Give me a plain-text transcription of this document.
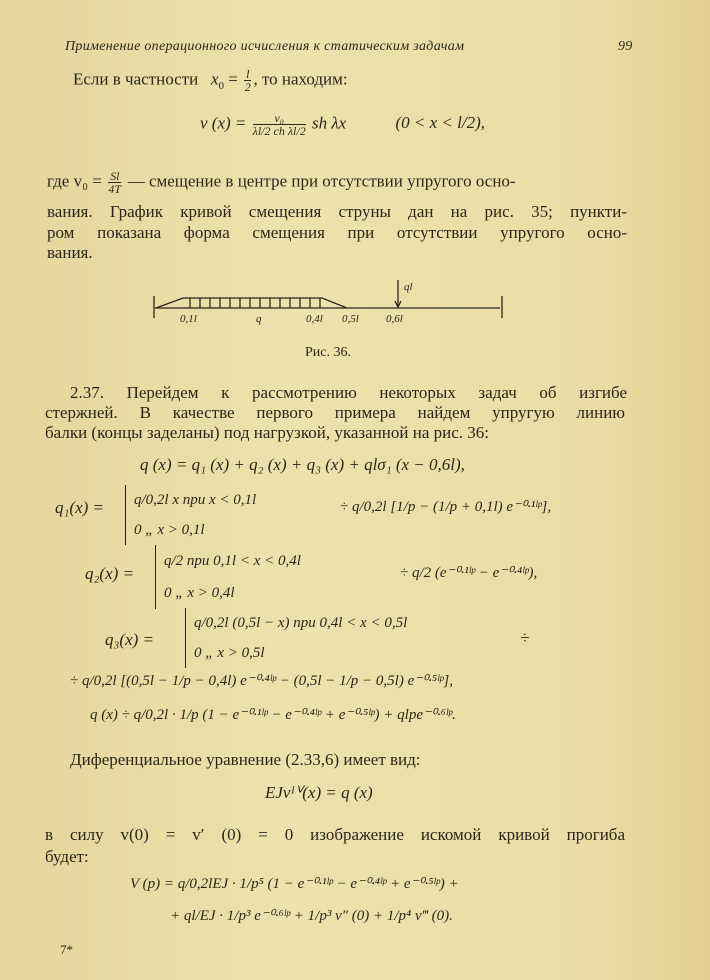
Применение операционного исчисления к статическим задачам	99
Если в частности $x_0 = \frac{l}{2}$ , то находим:
v $(x) = \frac{\text{v₀}}{\text{λl/2 ch λl/2}}$ sh λx	(0 < x < l/2),
где $v_0 = \frac{Sl}{4T}$ — смещение в центре при отсутствии упругого осно-
вания. График кривой смещения струны дан на рис. 35; пункти-
ром показана форма смещения при отсутствии упругого осно-
вания.
ql
0,1l	q	0,4l 0,5l 0,6l
Рис. 36.
2.37. Перейдем к рассмотрению некоторых задач об изгибе
стержней. В качестве первого примера найдем упругую линию
балки (концы заделаны) под нагрузкой, указанной на рис. 36:
q (x) = q₁ (x) + q₂ (x) + q₃ (x) + qlσ₁ (x − 0,6l),
q₁(x) = q/0,2l x при x < 0,1l
0 „ x > 0,1l
÷ q/0,2l [1/p − (1/p + 0,1l) e⁻⁰·¹ˡᵖ],
q₂(x) =
q/2 при 0,1l < x < 0,4l
0 „ x > 0,4l
÷ q/2 (e⁻⁰·¹ˡᵖ − e⁻⁰·⁴ˡᵖ),
q₃(x) =
q/0,2l (0,5l − x) при 0,4l < x < 0,5l
0 „ x > 0,5l
÷
÷ q/0,2l [(0,5l − 1/p − 0,4l) e⁻⁰·⁴ˡᵖ − (0,5l − 1/p − 0,5l) e⁻⁰·⁵ˡᵖ],
q (x) ÷ q/0,2l · 1/p (1 − e⁻⁰·¹ˡᵖ − e⁻⁰·⁴ˡᵖ + e⁻⁰·⁵ˡᵖ) + qlpe⁻⁰·⁶ˡᵖ.
Диференциальное уравнение (2.33,6) имеет вид:
EJvᴵⱽ(x) = q (x)
в силу v(0) = v′ (0) = 0 изображение искомой кривой прогиба
будет:
V (p) = q/0,2lEJ · 1/p⁵ (1 − e⁻⁰·¹ˡᵖ − e⁻⁰·⁴ˡᵖ + e⁻⁰·⁵ˡᵖ) +
+ ql/EJ · 1/p³ e⁻⁰·⁶ˡᵖ + 1/p³ v″ (0) + 1/p⁴ v‴ (0).
7*
